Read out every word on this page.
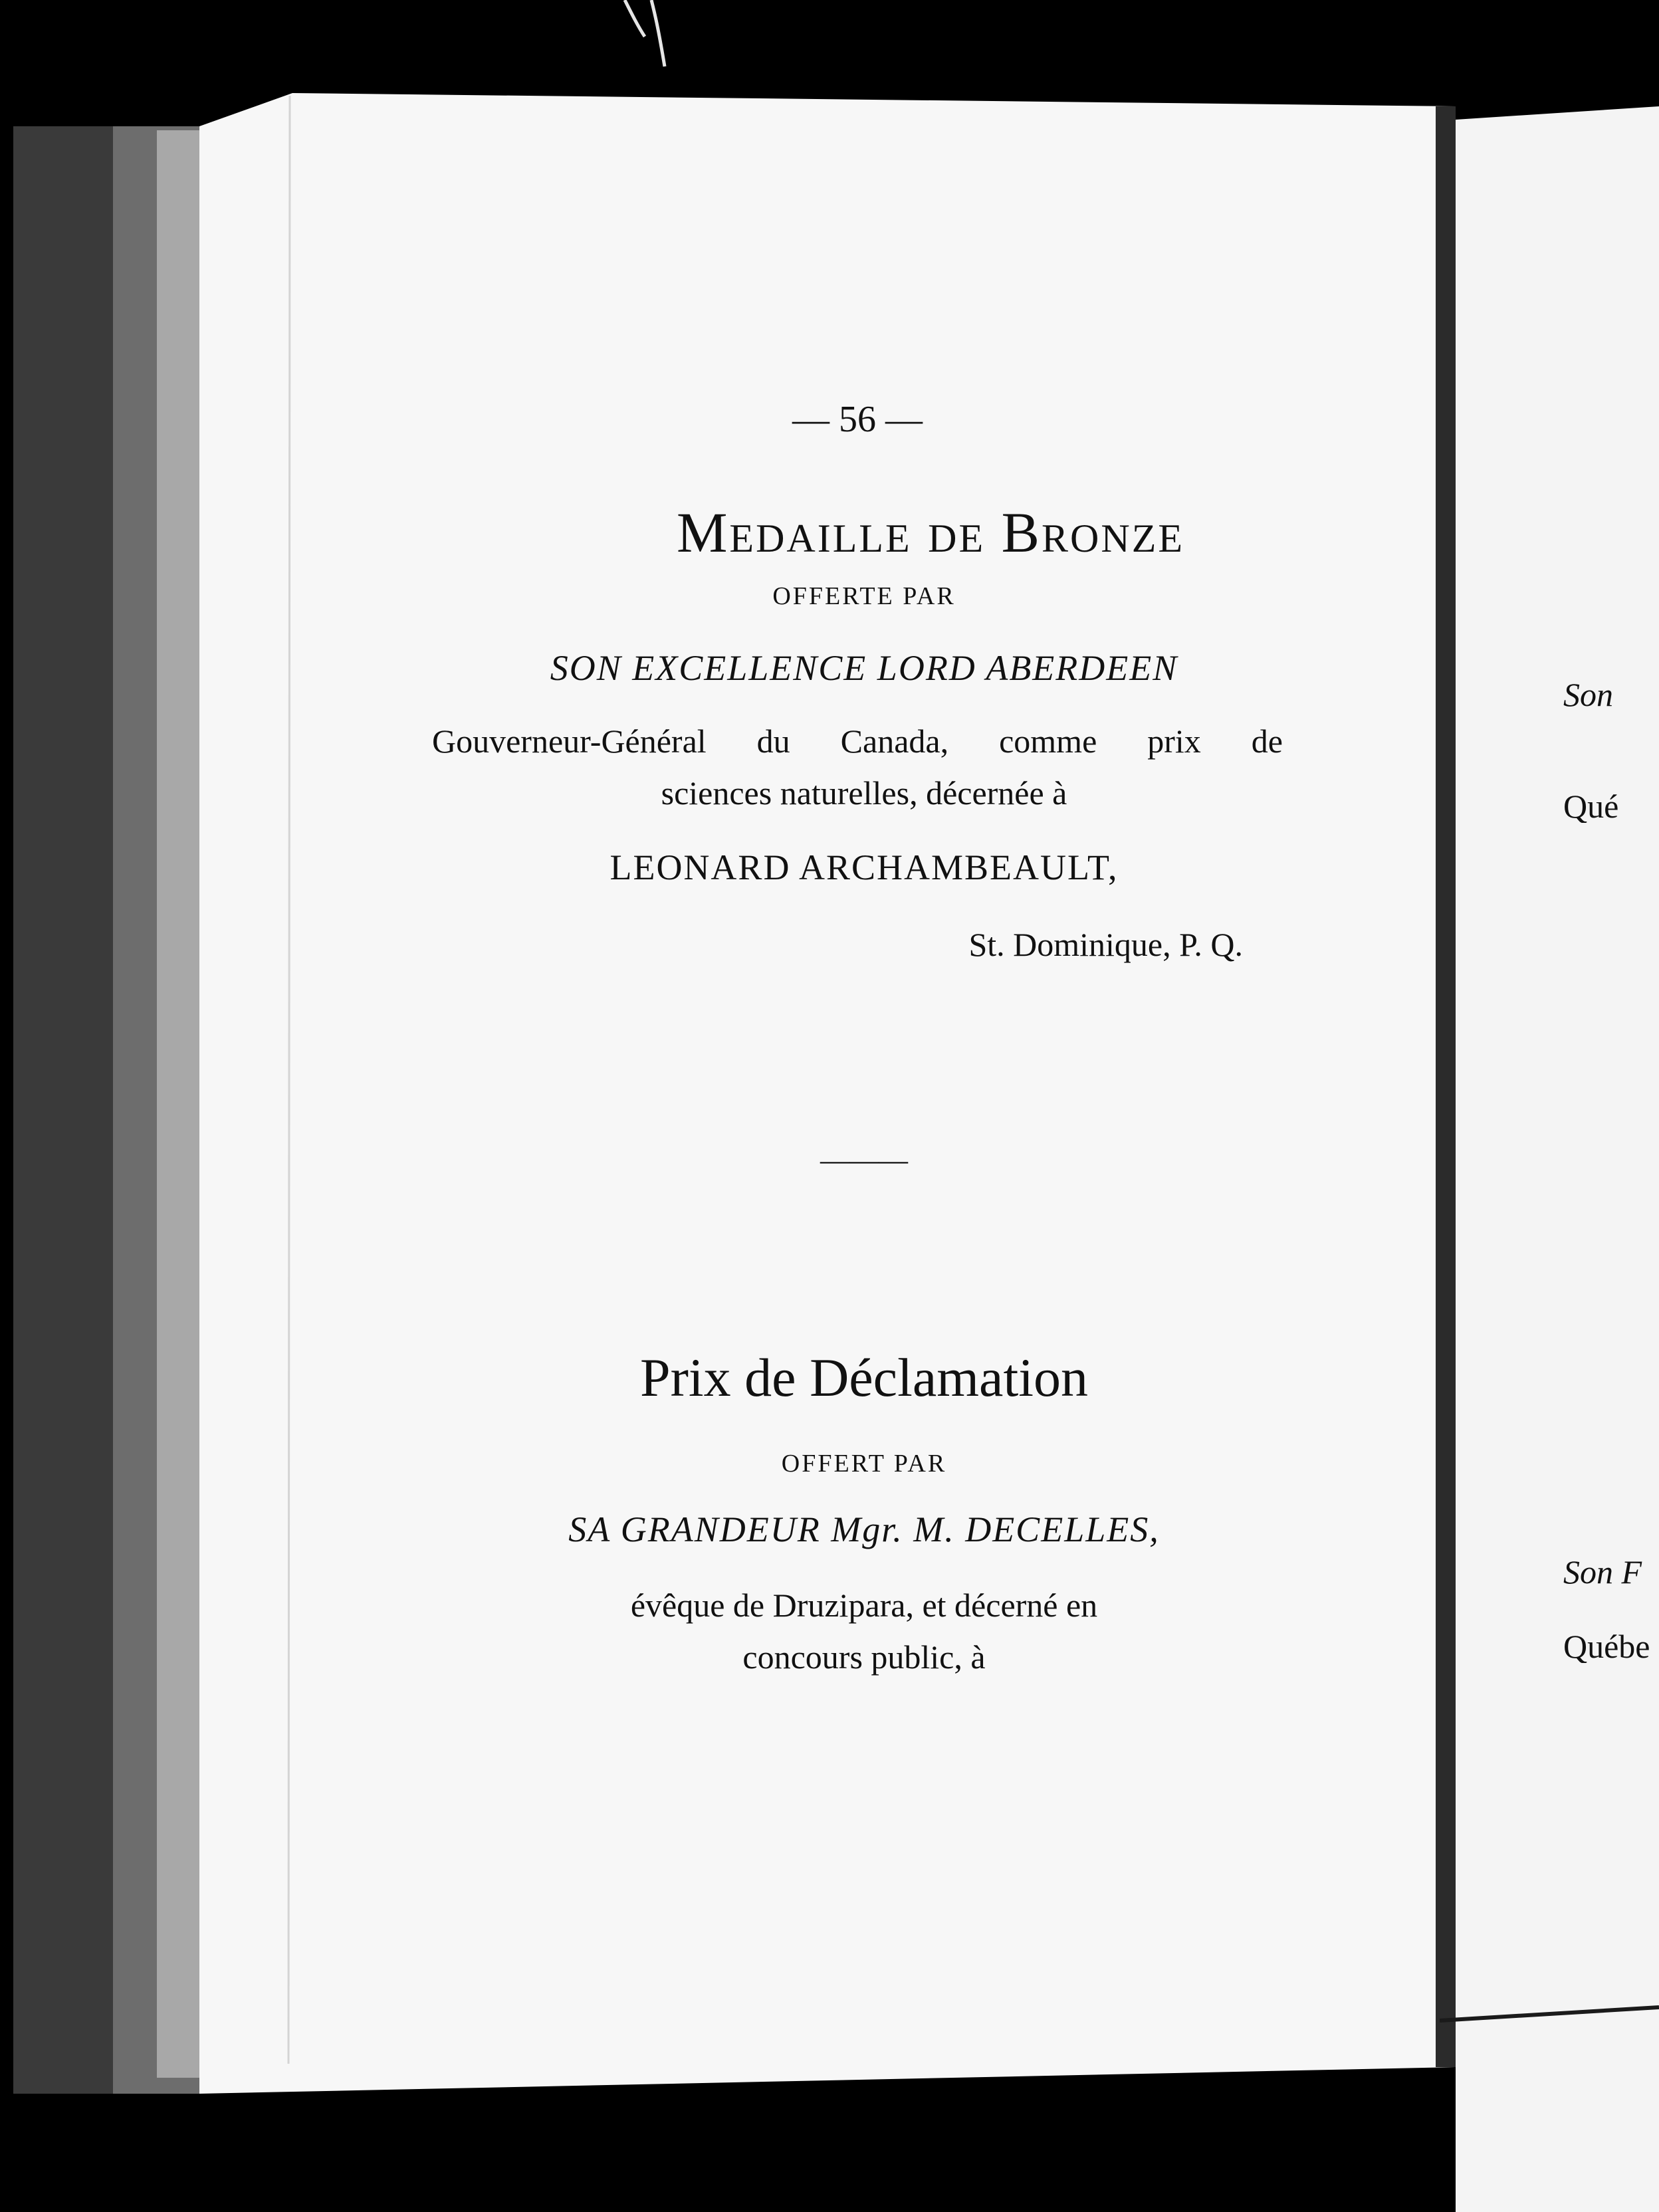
— 56 —

Medaille de Bronze

OFFERTE PAR

SON EXCELLENCE LORD ABERDEEN

Gouverneur-Général du Canada, comme prix de

sciences naturelles, décernée à

LEONARD ARCHAMBEAULT,

St. Dominique, P. Q.

———

Prix de Déclamation

OFFERT PAR

SA GRANDEUR Mgr. M. DECELLES,

évêque de Druzipara, et décerné en

concours public, à

Son

Qué

Son F

Québe
